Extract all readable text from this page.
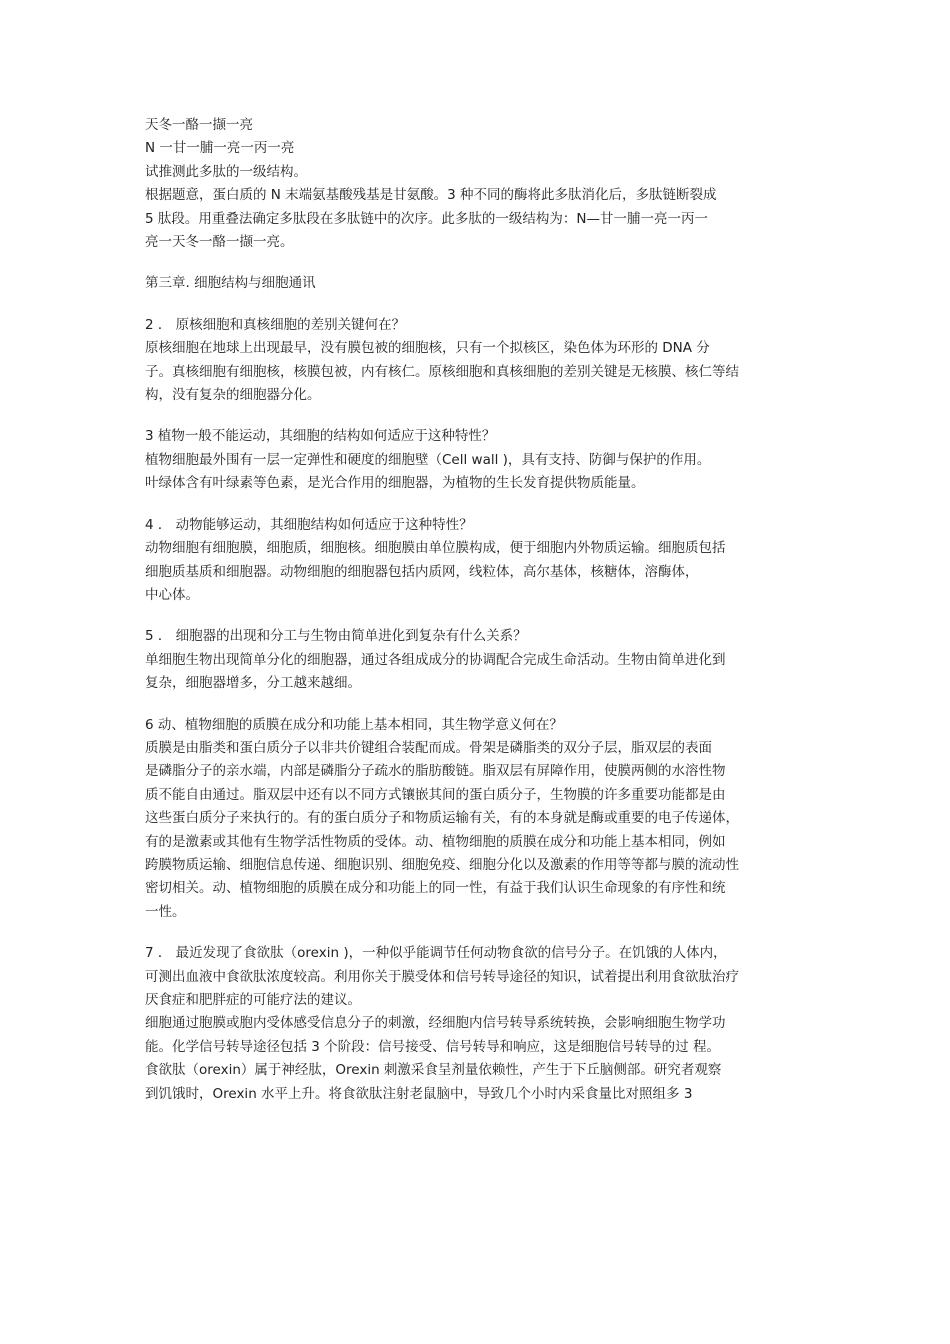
天冬一酪一撷一亮

N 一甘一脯一亮一丙一亮

试推测此多肽的一级结构。

根据题意，蛋白质的 N 末端氨基酸残基是甘氨酸。3 种不同的酶将此多肽消化后，多肽链断裂成

5 肽段。用重叠法确定多肽段在多肽链中的次序。此多肽的一级结构为：N—甘一脯一亮一丙一

亮一天冬一酪一撷一亮。

第三章. 细胞结构与细胞通讯

2 ． 原核细胞和真核细胞的差别关键何在？

原核细胞在地球上出现最早，没有膜包被的细胞核，只有一个拟核区，染色体为环形的 DNA 分

子。真核细胞有细胞核，核膜包被，内有核仁。原核细胞和真核细胞的差别关键是无核膜、核仁等结

构，没有复杂的细胞器分化。

3 植物一般不能运动，其细胞的结构如何适应于这种特性？

植物细胞最外围有一层一定弹性和硬度的细胞壁（Cell wall )，具有支持、防御与保护的作用。

叶绿体含有叶绿素等色素，是光合作用的细胞器，为植物的生长发育提供物质能量。

4 ． 动物能够运动，其细胞结构如何适应于这种特性？

动物细胞有细胞膜，细胞质，细胞核。细胞膜由单位膜构成，便于细胞内外物质运输。细胞质包括

细胞质基质和细胞器。动物细胞的细胞器包括内质网，线粒体，高尔基体，核糖体，溶酶体，

中心体。

5 ． 细胞器的出现和分工与生物由简单进化到复杂有什么关系？

单细胞生物出现简单分化的细胞器，通过各组成成分的协调配合完成生命活动。生物由简单进化到

复杂，细胞器增多，分工越来越细。

6 动、植物细胞的质膜在成分和功能上基本相同，其生物学意义何在？

质膜是由脂类和蛋白质分子以非共价键组合装配而成。骨架是磷脂类的双分子层，脂双层的表面

是磷脂分子的亲水端，内部是磷脂分子疏水的脂肪酸链。脂双层有屏障作用，使膜两侧的水溶性物

质不能自由通过。脂双层中还有以不同方式镶嵌其间的蛋白质分子，生物膜的许多重要功能都是由

这些蛋白质分子来执行的。有的蛋白质分子和物质运输有关，有的本身就是酶或重要的电子传递体，

有的是激素或其他有生物学活性物质的受体。动、植物细胞的质膜在成分和功能上基本相同，例如

跨膜物质运输、细胞信息传递、细胞识别、细胞免疫、细胞分化以及激素的作用等等都与膜的流动性

密切相关。动、植物细胞的质膜在成分和功能上的同一性，有益于我们认识生命现象的有序性和统

一性。

7 ． 最近发现了食欲肽（orexin )，一种似乎能调节任何动物食欲的信号分子。在饥饿的人体内，

可测出血液中食欲肽浓度较高。利用你关于膜受体和信号转导途径的知识，试着提出利用食欲肽治疗

厌食症和肥胖症的可能疗法的建议。

细胞通过胞膜或胞内受体感受信息分子的刺激，经细胞内信号转导系统转换，会影响细胞生物学功

能。化学信号转导途径包括 3 个阶段：信号接受、信号转导和响应，这是细胞信号转导的过 程。

食欲肽（orexin）属于神经肽，Orexin 刺激采食呈剂量依赖性，产生于下丘脑侧部。研究者观察

到饥饿时，Orexin 水平上升。将食欲肽注射老鼠脑中，导致几个小时内采食量比对照组多 3
